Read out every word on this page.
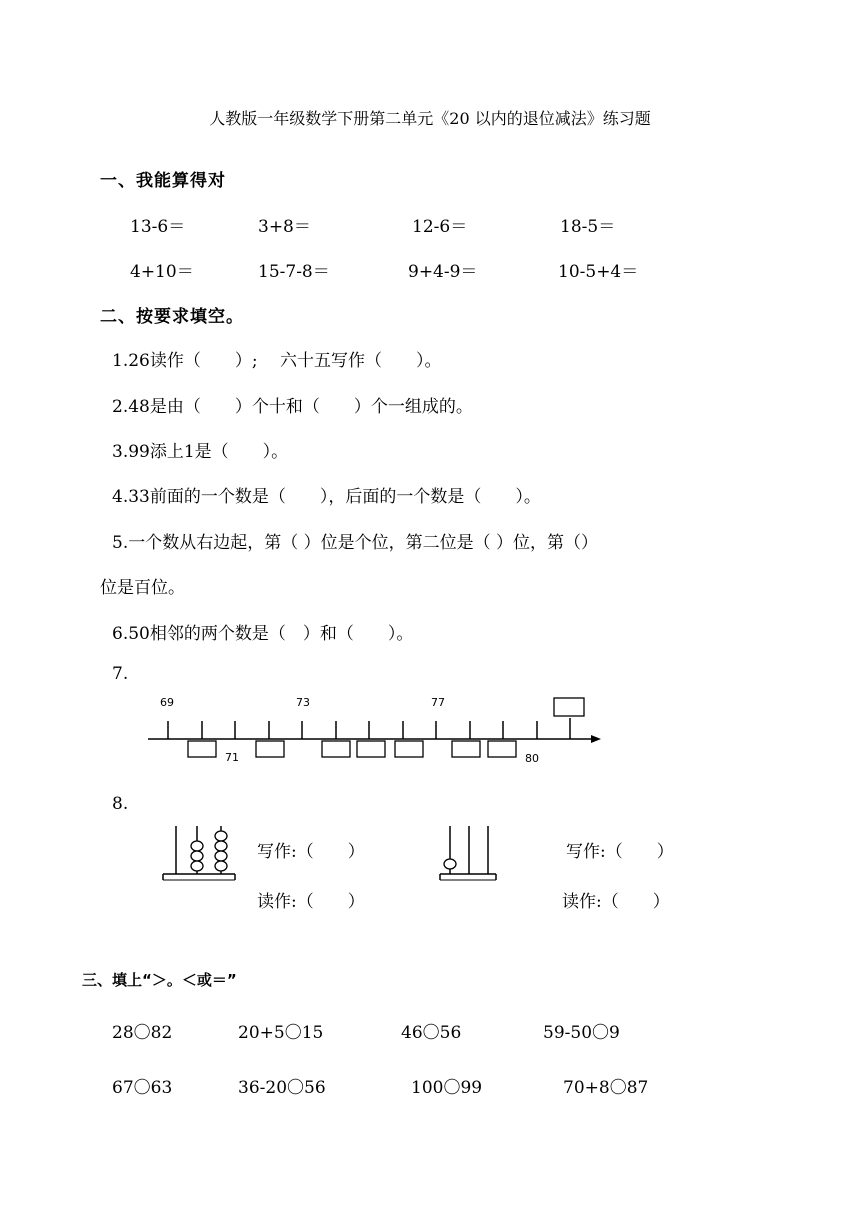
人教版一年级数学下册第二单元《20 以内的退位减法》练习题
一、我能算得对
13-6＝	3+8＝	12-6＝	18-5＝
4+10＝	15-7-8＝	9+4-9＝	10-5+4＝
二、按要求填空。
1.26读作（　　）;　 六十五写作（　　）。
2.48是由（　　）个十和（　　）个一组成的。
3.99添上1是（　　）。
4.33前面的一个数是（　　），后面的一个数是（　　）。
5.一个数从右边起，第（ ）位是个位，第二位是（ ）位，第（）
位是百位。
6.50相邻的两个数是（　）和（　　）。
7.
69	73	77
71	80
8.
写作:（　　）
读作:（　　）
写作:（　　）
读作:（　　）
三、填上“＞。＜或＝”
28〇82	20+5〇15	46〇56	59-50〇9
67〇63	36-20〇56	100〇99	70+8〇87
